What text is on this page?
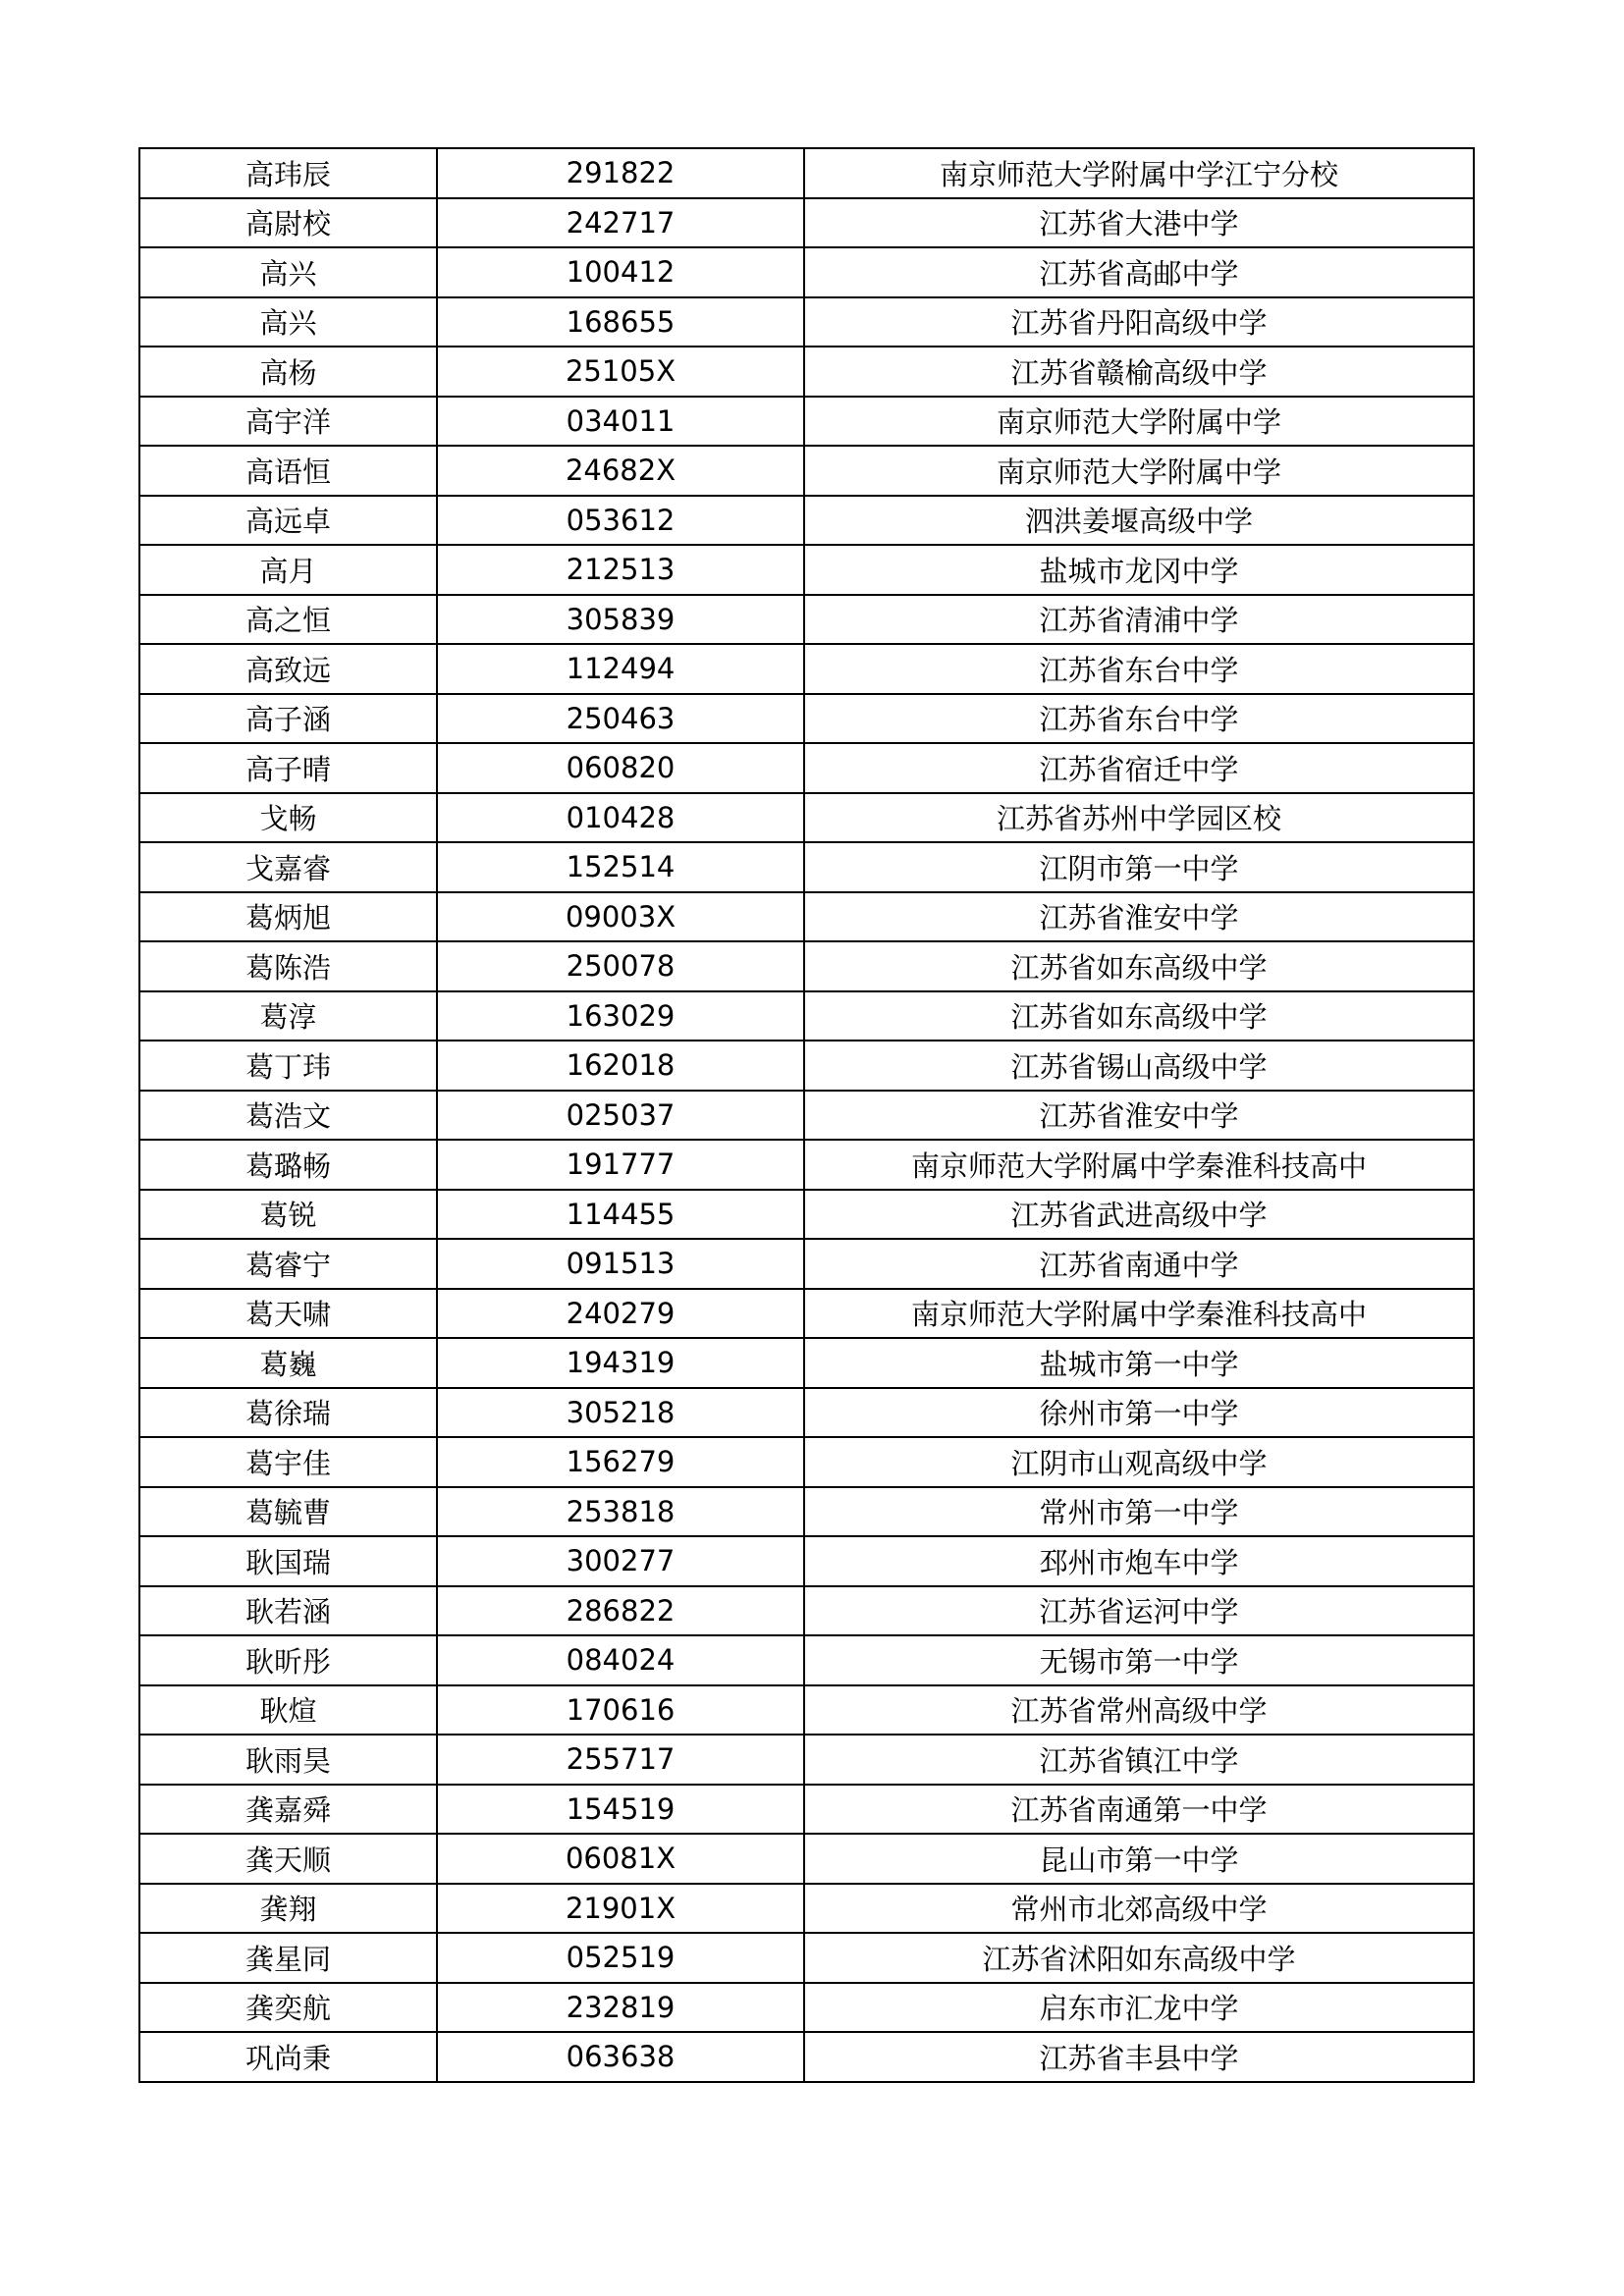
高玮辰	291822	南京师范大学附属中学江宁分校
高尉校	242717	江苏省大港中学
高兴	100412	江苏省高邮中学
高兴	168655	江苏省丹阳高级中学
高杨	25105X	江苏省赣榆高级中学
高宇洋	034011	南京师范大学附属中学
高语恒	24682X	南京师范大学附属中学
高远卓	053612	泗洪姜堰高级中学
高月	212513	盐城市龙冈中学
高之恒	305839	江苏省清浦中学
高致远	112494	江苏省东台中学
高子涵	250463	江苏省东台中学
高子晴	060820	江苏省宿迁中学
戈畅	010428	江苏省苏州中学园区校
戈嘉睿	152514	江阴市第一中学
葛炳旭	09003X	江苏省淮安中学
葛陈浩	250078	江苏省如东高级中学
葛淳	163029	江苏省如东高级中学
葛丁玮	162018	江苏省锡山高级中学
葛浩文	025037	江苏省淮安中学
葛璐畅	191777	南京师范大学附属中学秦淮科技高中
葛锐	114455	江苏省武进高级中学
葛睿宁	091513	江苏省南通中学
葛天啸	240279	南京师范大学附属中学秦淮科技高中
葛巍	194319	盐城市第一中学
葛徐瑞	305218	徐州市第一中学
葛宇佳	156279	江阴市山观高级中学
葛毓曹	253818	常州市第一中学
耿国瑞	300277	邳州市炮车中学
耿若涵	286822	江苏省运河中学
耿昕彤	084024	无锡市第一中学
耿煊	170616	江苏省常州高级中学
耿雨昊	255717	江苏省镇江中学
龚嘉舜	154519	江苏省南通第一中学
龚天顺	06081X	昆山市第一中学
龚翔	21901X	常州市北郊高级中学
龚星同	052519	江苏省沭阳如东高级中学
龚奕航	232819	启东市汇龙中学
巩尚秉	063638	江苏省丰县中学
